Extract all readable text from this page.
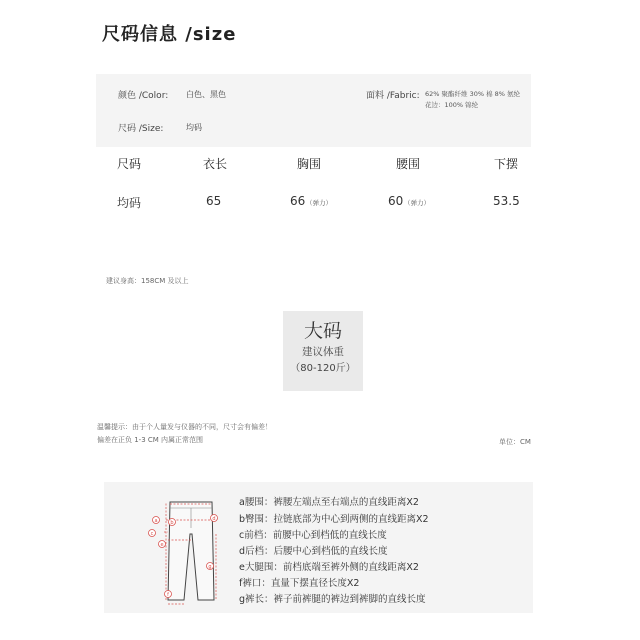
尺码信息 /size
颜色 /Color: 白色、黑色	面料 /Fabric: 62% 聚酯纤维 30% 棉 8% 氨纶
花边：100% 锦纶
尺码 /Size:	均码
尺码	衣长	胸围	腰围	下摆
均码	65	66 （弹力）	60 （弹力）	53.5
建议身高：158CM 及以上
大码
建议体重
（80-120斤）
温馨提示：由于个人量发与仪器的不同，尺寸会有偏差！
偏差在正负 1-3 CM 内属正常范围	单位：CM
a	b
c
d
e
f
g
a腰围：裤腰左端点至右端点的直线距离X2
b臀围：拉链底部为中心到两侧的直线距离X2
c前档：前腰中心到档低的直线长度
d后档：后腰中心到档低的直线长度
e大腿围：前档底端至裤外侧的直线距离X2
f裤口：直量下摆直径长度X2
g裤长：裤子前裤腿的裤边到裤脚的直线长度
